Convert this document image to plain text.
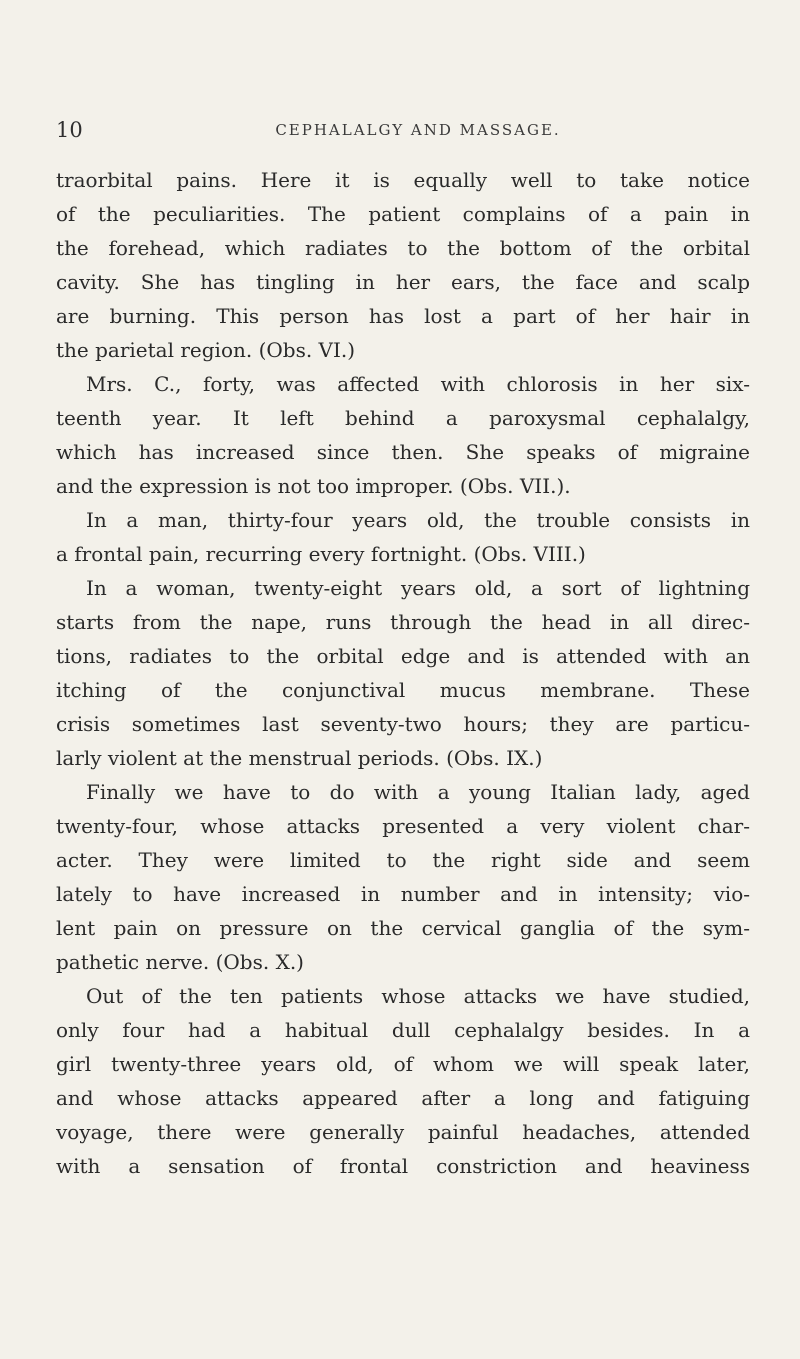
10	CEPHALALGY AND MASSAGE.
traorbital pains. Here it is equally well to take notice
of the peculiarities. The patient complains of a pain in
the forehead, which radiates to the bottom of the orbital
cavity. She has tingling in her ears, the face and scalp
are burning. This person has lost a part of her hair in
the parietal region. (Obs. VI.)
Mrs. C., forty, was affected with chlorosis in her six-
teenth year. It left behind a paroxysmal cephalalgy,
which has increased since then. She speaks of migraine
and the expression is not too improper. (Obs. VII.).
In a man, thirty-four years old, the trouble consists in
a frontal pain, recurring every fortnight. (Obs. VIII.)
In a woman, twenty-eight years old, a sort of lightning
starts from the nape, runs through the head in all direc-
tions, radiates to the orbital edge and is attended with an
itching of the conjunctival mucus membrane. These
crisis sometimes last seventy-two hours; they are particu-
larly violent at the menstrual periods. (Obs. IX.)
Finally we have to do with a young Italian lady, aged
twenty-four, whose attacks presented a very violent char-
acter. They were limited to the right side and seem
lately to have increased in number and in intensity; vio-
lent pain on pressure on the cervical ganglia of the sym-
pathetic nerve. (Obs. X.)
Out of the ten patients whose attacks we have studied,
only four had a habitual dull cephalalgy besides. In a
girl twenty-three years old, of whom we will speak later,
and whose attacks appeared after a long and fatiguing
voyage, there were generally painful headaches, attended
with a sensation of frontal constriction and heaviness
